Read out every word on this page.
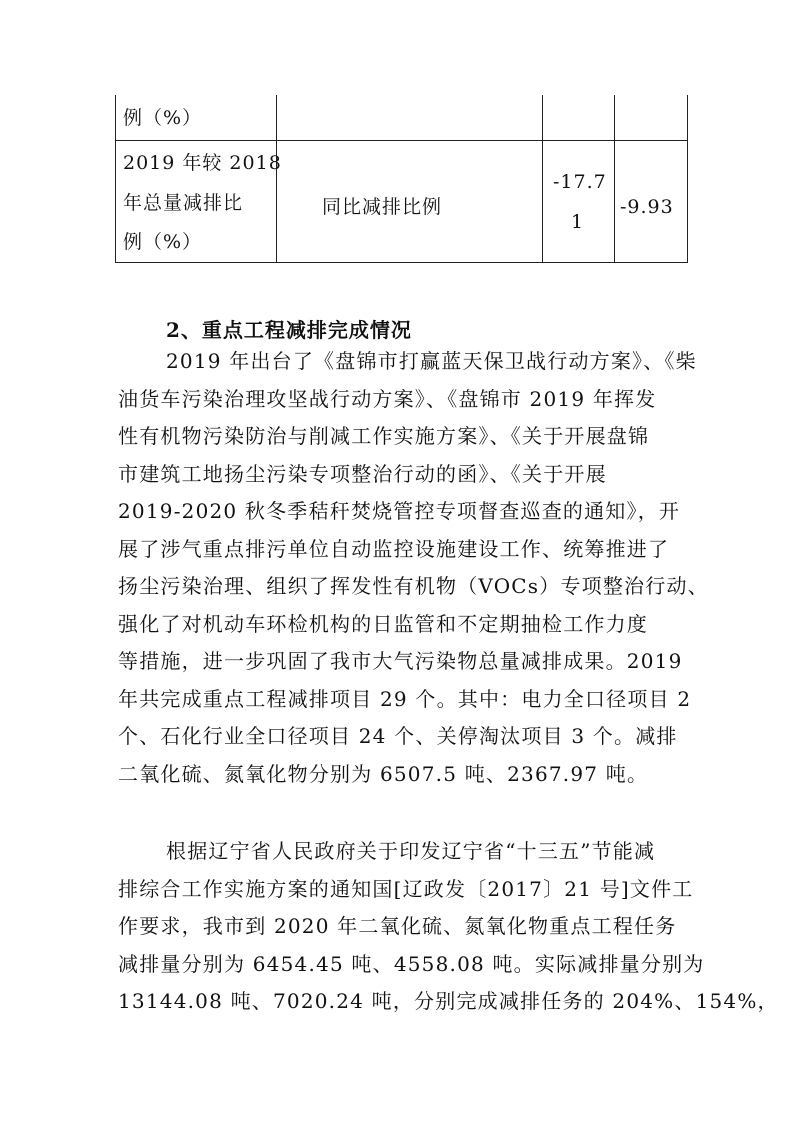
例（%）
2019 年较 2018
年总量减排比
例（%）
同比减排比例
-17.7
1
-9.93
2、重点工程减排完成情况
2019 年出台了《盘锦市打赢蓝天保卫战行动方案》、《柴
油货车污染治理攻坚战行动方案》、《盘锦市 2019 年挥发
性有机物污染防治与削减工作实施方案》、《关于开展盘锦
市建筑工地扬尘污染专项整治行动的函》、《关于开展
2019-2020 秋冬季秸秆焚烧管控专项督查巡查的通知》，开
展了涉气重点排污单位自动监控设施建设工作、统筹推进了
扬尘污染治理、组织了挥发性有机物（VOCs）专项整治行动、
强化了对机动车环检机构的日监管和不定期抽检工作力度
等措施，进一步巩固了我市大气污染物总量减排成果。2019
年共完成重点工程减排项目 29 个。其中：电力全口径项目 2
个、石化行业全口径项目 24 个、关停淘汰项目 3 个。减排
二氧化硫、氮氧化物分别为 6507.5 吨、2367.97 吨。
根据辽宁省人民政府关于印发辽宁省“十三五”节能减
排综合工作实施方案的通知国[辽政发〔2017〕21 号]文件工
作要求，我市到 2020 年二氧化硫、氮氧化物重点工程任务
减排量分别为 6454.45 吨、4558.08 吨。实际减排量分别为
13144.08 吨、7020.24 吨，分别完成减排任务的 204%、154%，
